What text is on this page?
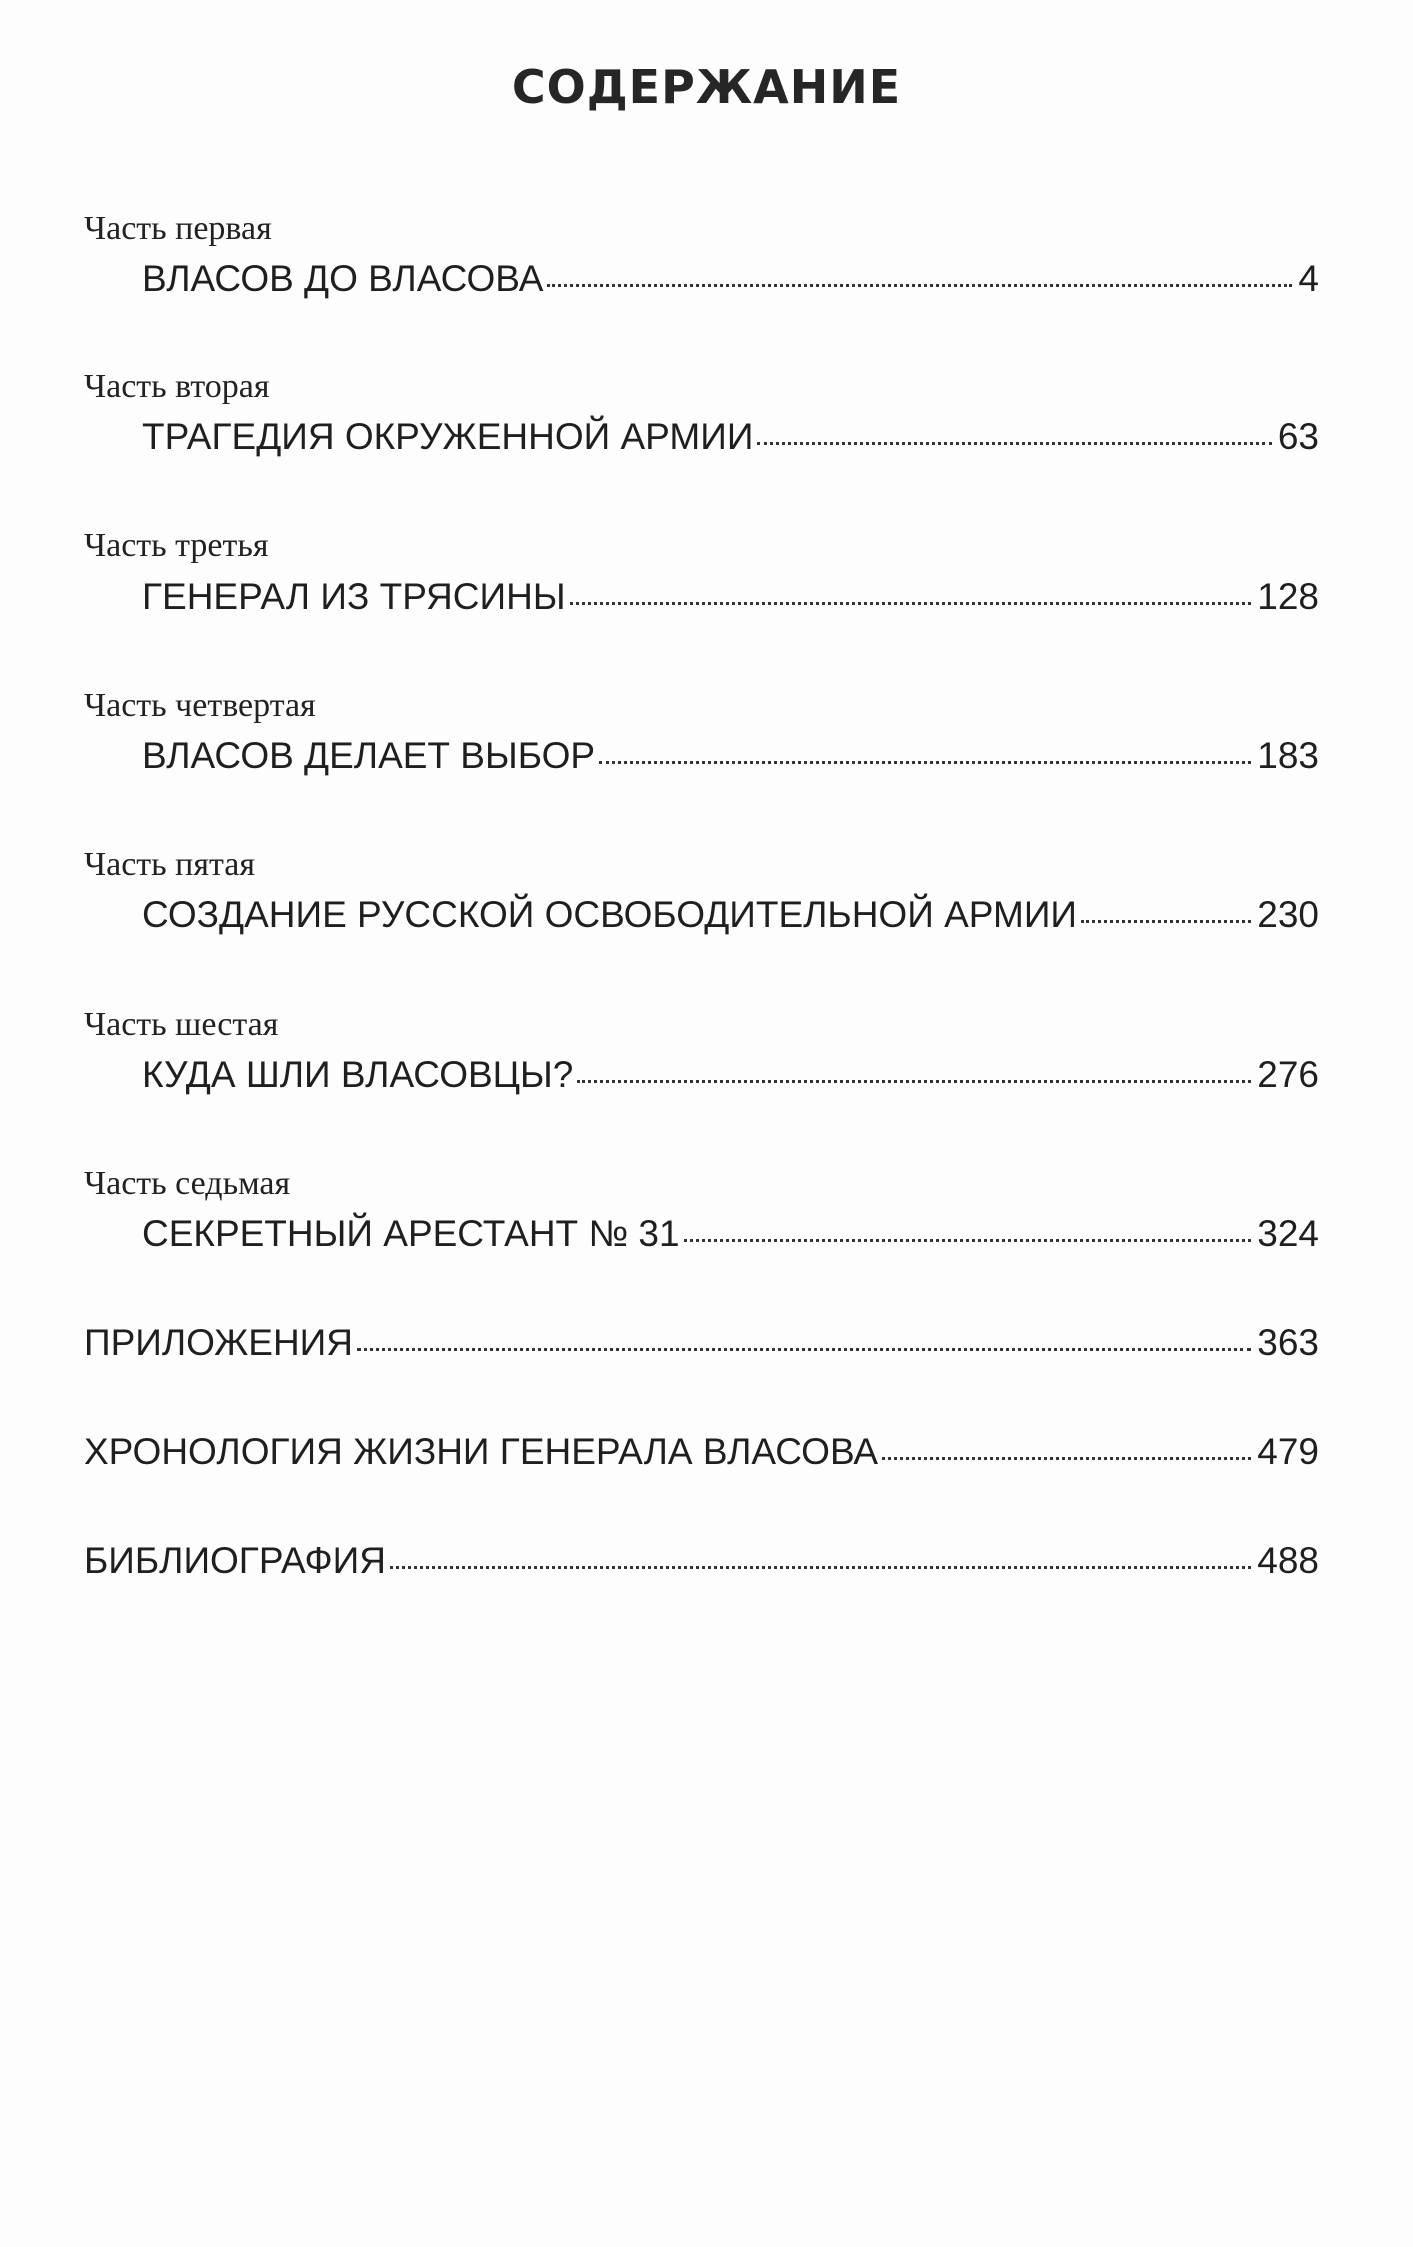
СОДЕРЖАНИЕ
Часть первая
ВЛАСОВ ДО ВЛАСОВА	4
Часть вторая
ТРАГЕДИЯ ОКРУЖЕННОЙ АРМИИ	63
Часть третья
ГЕНЕРАЛ ИЗ ТРЯСИНЫ	128
Часть четвертая
ВЛАСОВ ДЕЛАЕТ ВЫБОР	183
Часть пятая
СОЗДАНИЕ РУССКОЙ ОСВОБОДИТЕЛЬНОЙ АРМИИ	230
Часть шестая
КУДА ШЛИ ВЛАСОВЦЫ?	276
Часть седьмая
СЕКРЕТНЫЙ АРЕСТАНТ № 31	324
ПРИЛОЖЕНИЯ	363
ХРОНОЛОГИЯ ЖИЗНИ ГЕНЕРАЛА ВЛАСОВА	479
БИБЛИОГРАФИЯ	488
